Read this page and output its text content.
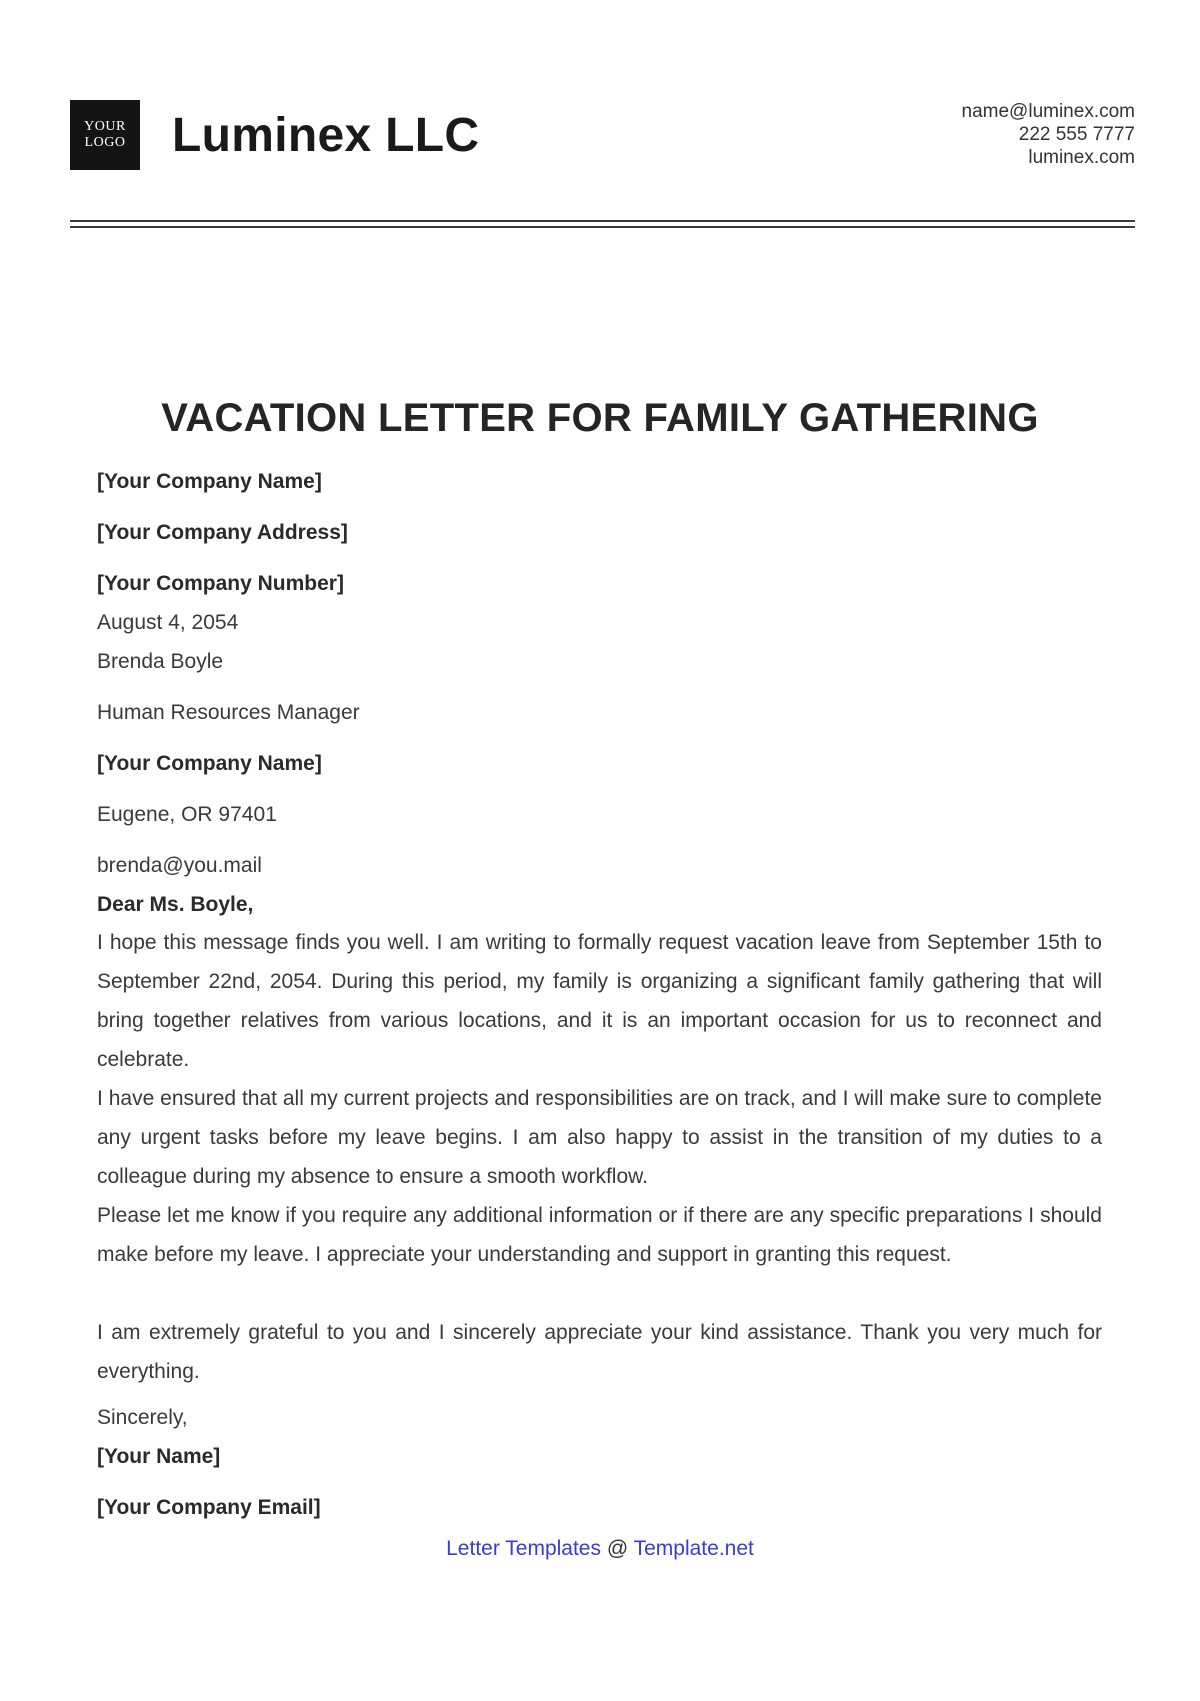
YOUR
LOGO Luminex LLC	name@luminex.com
222 555 7777
luminex.com
VACATION LETTER FOR FAMILY GATHERING
[Your Company Name]
[Your Company Address]
[Your Company Number]
August 4, 2054
Brenda Boyle
Human Resources Manager
[Your Company Name]
Eugene, OR 97401
brenda@you.mail
Dear Ms. Boyle,

I hope this message finds you well. I am writing to formally request vacation leave from September 15th to September 22nd, 2054. During this period, my family is organizing a significant family gathering that will bring together relatives from various locations, and it is an important occasion for us to reconnect and celebrate.

I have ensured that all my current projects and responsibilities are on track, and I will make sure to complete any urgent tasks before my leave begins. I am also happy to assist in the transition of my duties to a colleague during my absence to ensure a smooth workflow.

Please let me know if you require any additional information or if there are any specific preparations I should make before my leave. I appreciate your understanding and support in granting this request.

I am extremely grateful to you and I sincerely appreciate your kind assistance. Thank you very much for everything.

Sincerely,
[Your Name]
[Your Company Email]
Letter Templates @ Template.net
